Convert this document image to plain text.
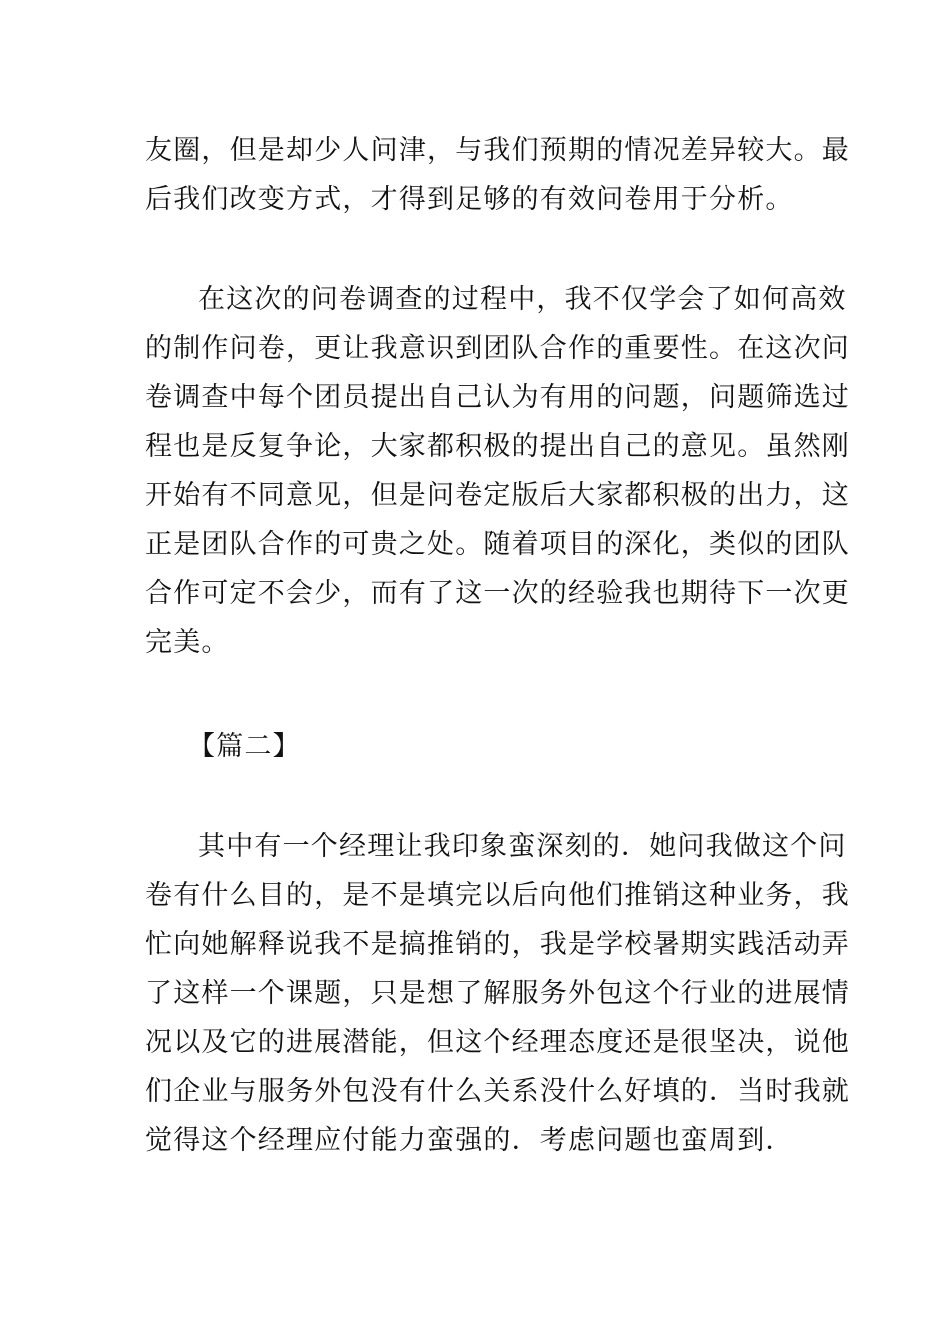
友圈，但是却少人问津，与我们预期的情况差异较大。最
后我们改变方式，才得到足够的有效问卷用于分析。
在这次的问卷调查的过程中，我不仅学会了如何高效
的制作问卷，更让我意识到团队合作的重要性。在这次问
卷调查中每个团员提出自己认为有用的问题，问题筛选过
程也是反复争论，大家都积极的提出自己的意见。虽然刚
开始有不同意见，但是问卷定版后大家都积极的出力，这
正是团队合作的可贵之处。随着项目的深化，类似的团队
合作可定不会少，而有了这一次的经验我也期待下一次更
完美。
【篇二】
其中有一个经理让我印象蛮深刻的．她问我做这个问
卷有什么目的，是不是填完以后向他们推销这种业务，我
忙向她解释说我不是搞推销的，我是学校暑期实践活动弄
了这样一个课题，只是想了解服务外包这个行业的进展情
况以及它的进展潜能，但这个经理态度还是很坚决，说他
们企业与服务外包没有什么关系没什么好填的．当时我就
觉得这个经理应付能力蛮强的．考虑问题也蛮周到．
